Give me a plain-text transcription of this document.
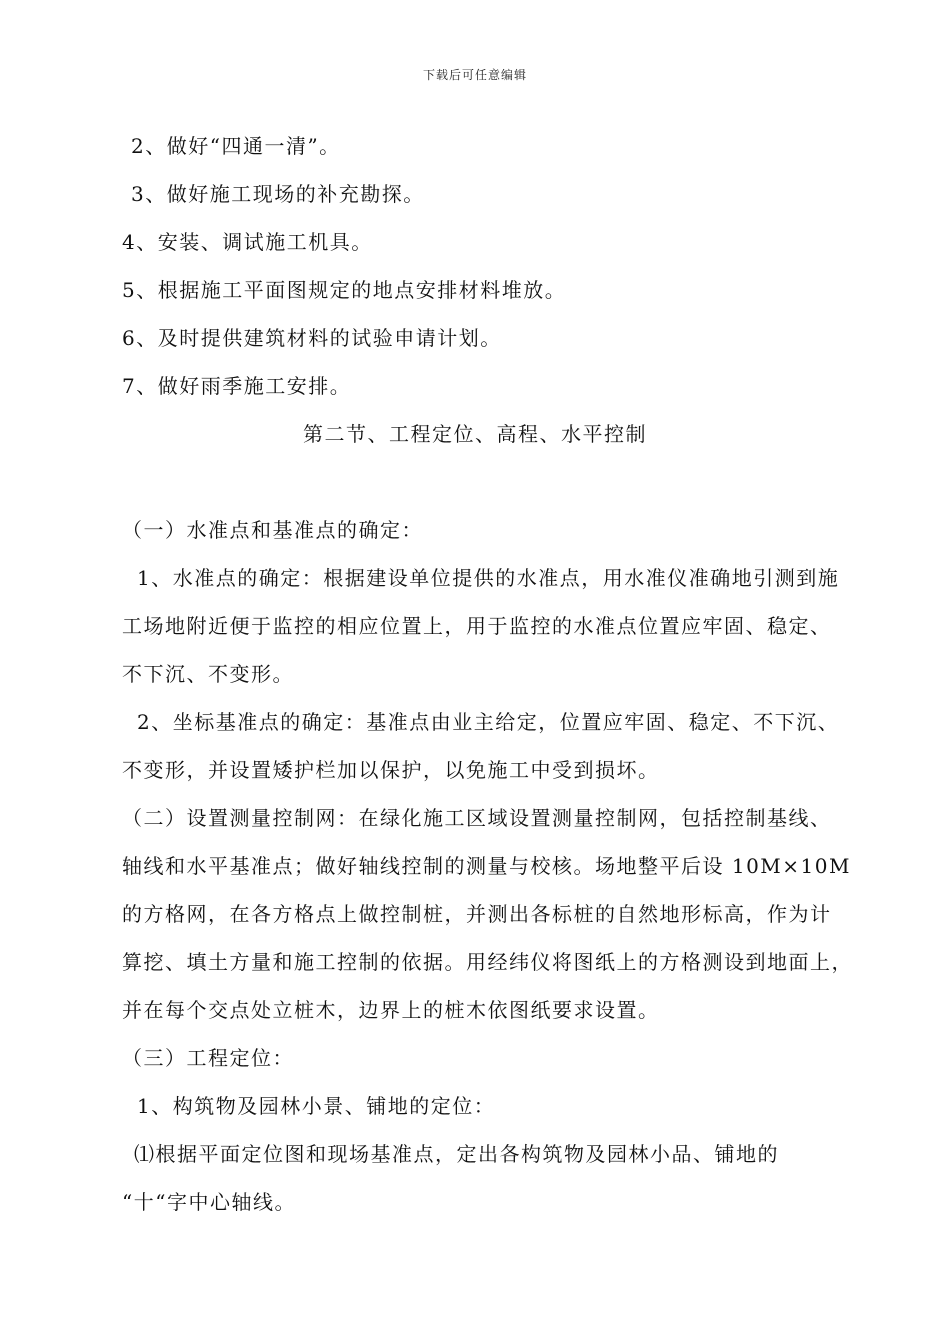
下载后可任意编辑
2、做好“四通一清”。
3、做好施工现场的补充勘探。
4、安装、调试施工机具。
5、根据施工平面图规定的地点安排材料堆放。
6、及时提供建筑材料的试验申请计划。
7、做好雨季施工安排。
第二节、工程定位、高程、水平控制
（一）水准点和基准点的确定：
1、水准点的确定：根据建设单位提供的水准点，用水准仪准确地引测到施
工场地附近便于监控的相应位置上，用于监控的水准点位置应牢固、稳定、
不下沉、不变形。
2、坐标基准点的确定：基准点由业主给定，位置应牢固、稳定、不下沉、
不变形，并设置矮护栏加以保护，以免施工中受到损坏。
（二）设置测量控制网：在绿化施工区域设置测量控制网，包括控制基线、
轴线和水平基准点；做好轴线控制的测量与校核。场地整平后设 10M×10M
的方格网，在各方格点上做控制桩，并测出各标桩的自然地形标高，作为计
算挖、填土方量和施工控制的依据。用经纬仪将图纸上的方格测设到地面上，
并在每个交点处立桩木，边界上的桩木依图纸要求设置。
（三）工程定位：
1、构筑物及园林小景、铺地的定位：
⑴根据平面定位图和现场基准点，定出各构筑物及园林小品、铺地的
“十“字中心轴线。
